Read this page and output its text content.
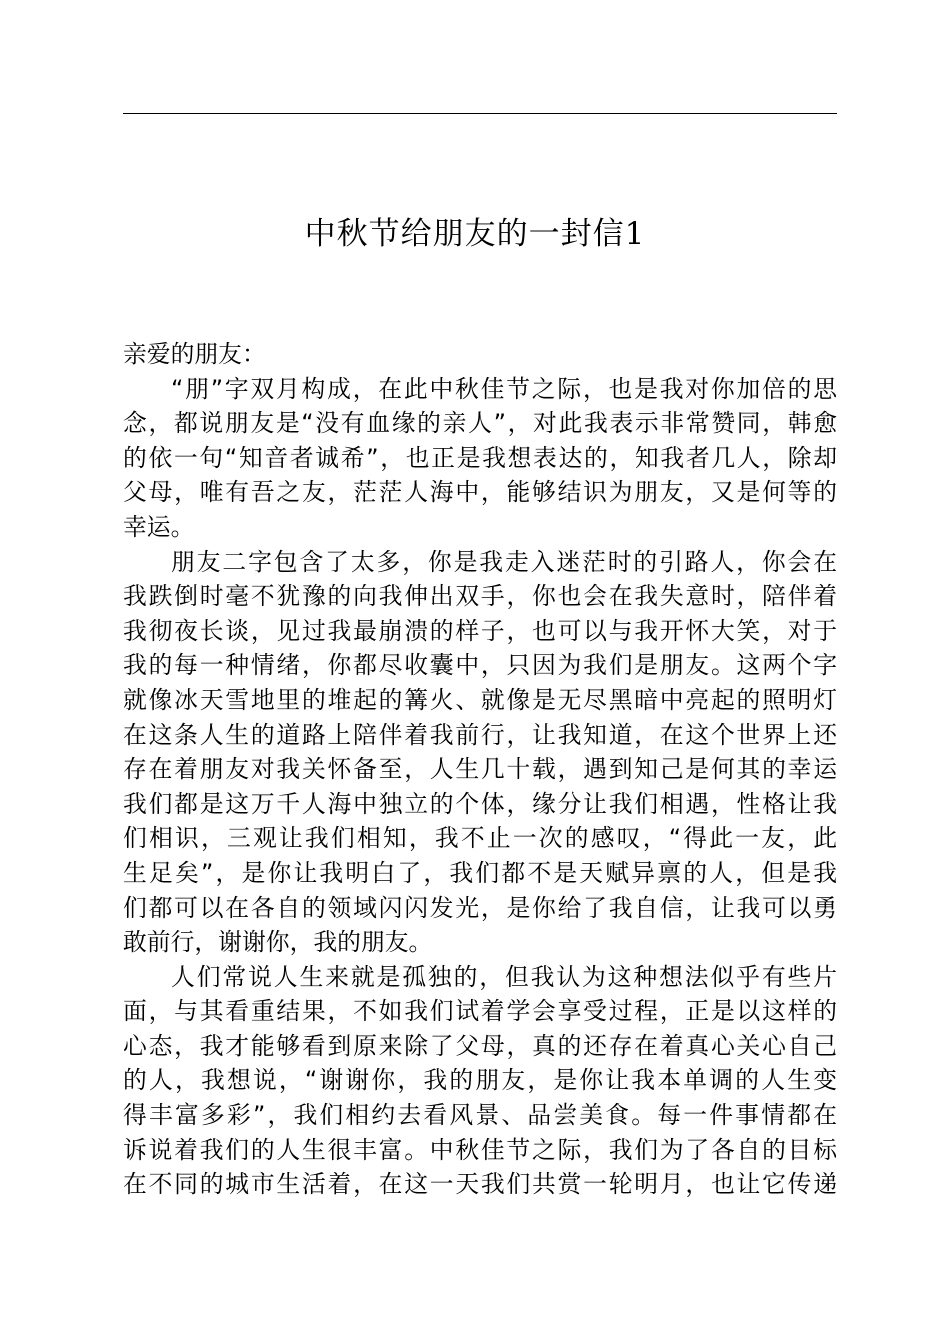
中秋节给朋友的一封信1
亲爱的朋友：
“朋”字双月构成，在此中秋佳节之际，也是我对你加倍的思
念，都说朋友是“没有血缘的亲人”，对此我表示非常赞同，韩愈
的依一句“知音者诚希”，也正是我想表达的，知我者几人，除却
父母，唯有吾之友，茫茫人海中，能够结识为朋友，又是何等的
幸运。
朋友二字包含了太多，你是我走入迷茫时的引路人，你会在
我跌倒时毫不犹豫的向我伸出双手，你也会在我失意时，陪伴着
我彻夜长谈，见过我最崩溃的样子，也可以与我开怀大笑，对于
我的每一种情绪，你都尽收囊中，只因为我们是朋友。这两个字
就像冰天雪地里的堆起的篝火、就像是无尽黑暗中亮起的照明灯
在这条人生的道路上陪伴着我前行，让我知道，在这个世界上还
存在着朋友对我关怀备至，人生几十载，遇到知己是何其的幸运
我们都是这万千人海中独立的个体，缘分让我们相遇，性格让我
们相识，三观让我们相知，我不止一次的感叹，“得此一友，此
生足矣”，是你让我明白了，我们都不是天赋异禀的人，但是我
们都可以在各自的领域闪闪发光，是你给了我自信，让我可以勇
敢前行，谢谢你，我的朋友。
人们常说人生来就是孤独的，但我认为这种想法似乎有些片
面，与其看重结果，不如我们试着学会享受过程，正是以这样的
心态，我才能够看到原来除了父母，真的还存在着真心关心自己
的人，我想说，“谢谢你，我的朋友，是你让我本单调的人生变
得丰富多彩”，我们相约去看风景、品尝美食。每一件事情都在
诉说着我们的人生很丰富。中秋佳节之际，我们为了各自的目标
在不同的城市生活着，在这一天我们共赏一轮明月，也让它传递
